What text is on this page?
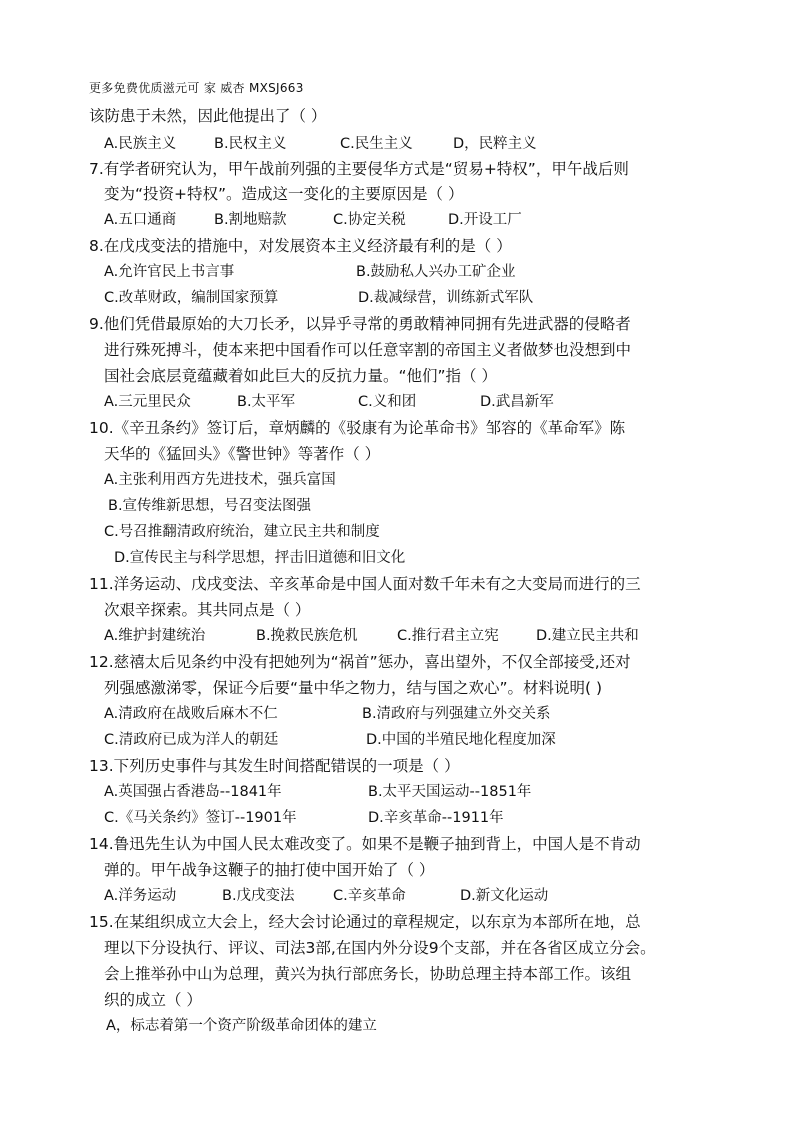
更多免费优质滋元可 家 威杏 MXSJ663
该防患于未然，因此他提出了（ ）
A.民族主义	B.民权主义	C.民生主义	D，民粹主义
7.有学者研究认为，甲午战前列强的主要侵华方式是“贸易+特权”，甲午战后则
变为“投资+特权”。造成这一变化的主要原因是（ ）
A.五口通商	B.割地赔款	C.协定关税	D.开设工厂
8.在戊戌变法的措施中，对发展资本主义经济最有利的是（ ）
A.允许官民上书言事	B.鼓励私人兴办工矿企业
C.改革财政，编制国家预算	D.裁减绿营，训练新式军队
9.他们凭借最原始的大刀长矛，以异乎寻常的勇敢精神同拥有先进武器的侵略者
进行殊死搏斗，使本来把中国看作可以任意宰割的帝国主义者做梦也没想到中
国社会底层竟蕴藏着如此巨大的反抗力量。“他们”指（ ）
A.三元里民众	B.太平军	C.义和团	D.武昌新军
10.《辛丑条约》签订后，章炳麟的《驳康有为论革命书》邹容的《革命军》陈
天华的《猛回头》《警世钟》等著作（ ）
A.主张利用西方先进技术，强兵富国
B.宣传维新思想，号召变法图强
C.号召推翻清政府统治，建立民主共和制度
D.宣传民主与科学思想，抨击旧道德和旧文化
11.洋务运动、戊戌变法、辛亥革命是中国人面对数千年未有之大变局而进行的三
次艰辛探索。其共同点是（ ）
A.维护封建统治	B.挽救民族危机	C.推行君主立宪	D.建立民主共和
12.慈禧太后见条约中没有把她列为“祸首”惩办，喜出望外，不仅全部接受,还对
列强感激涕零，保证今后要“量中华之物力，结与国之欢心”。材料说明( )
A.清政府在战败后麻木不仁	B.清政府与列强建立外交关系
C.清政府已成为洋人的朝廷	D.中国的半殖民地化程度加深
13.下列历史事件与其发生时间搭配错误的一项是（ ）
A.英国强占香港岛--1841年	B.太平天国运动--1851年
C.《马关条约》签订--1901年	D.辛亥革命--1911年
14.鲁迅先生认为中国人民太难改变了。如果不是鞭子抽到背上，中国人是不肯动
弹的。甲午战争这鞭子的抽打使中国开始了（ ）
A.洋务运动	B.戊戌变法	C.辛亥革命	D.新文化运动
15.在某组织成立大会上，经大会讨论通过的章程规定，以东京为本部所在地，总
理以下分设执行、评议、司法3部,在国内外分设9个支部，并在各省区成立分会。
会上推举孙中山为总理，黄兴为执行部庶务长，协助总理主持本部工作。该组
织的成立（ ）
A，标志着第一个资产阶级革命团体的建立
